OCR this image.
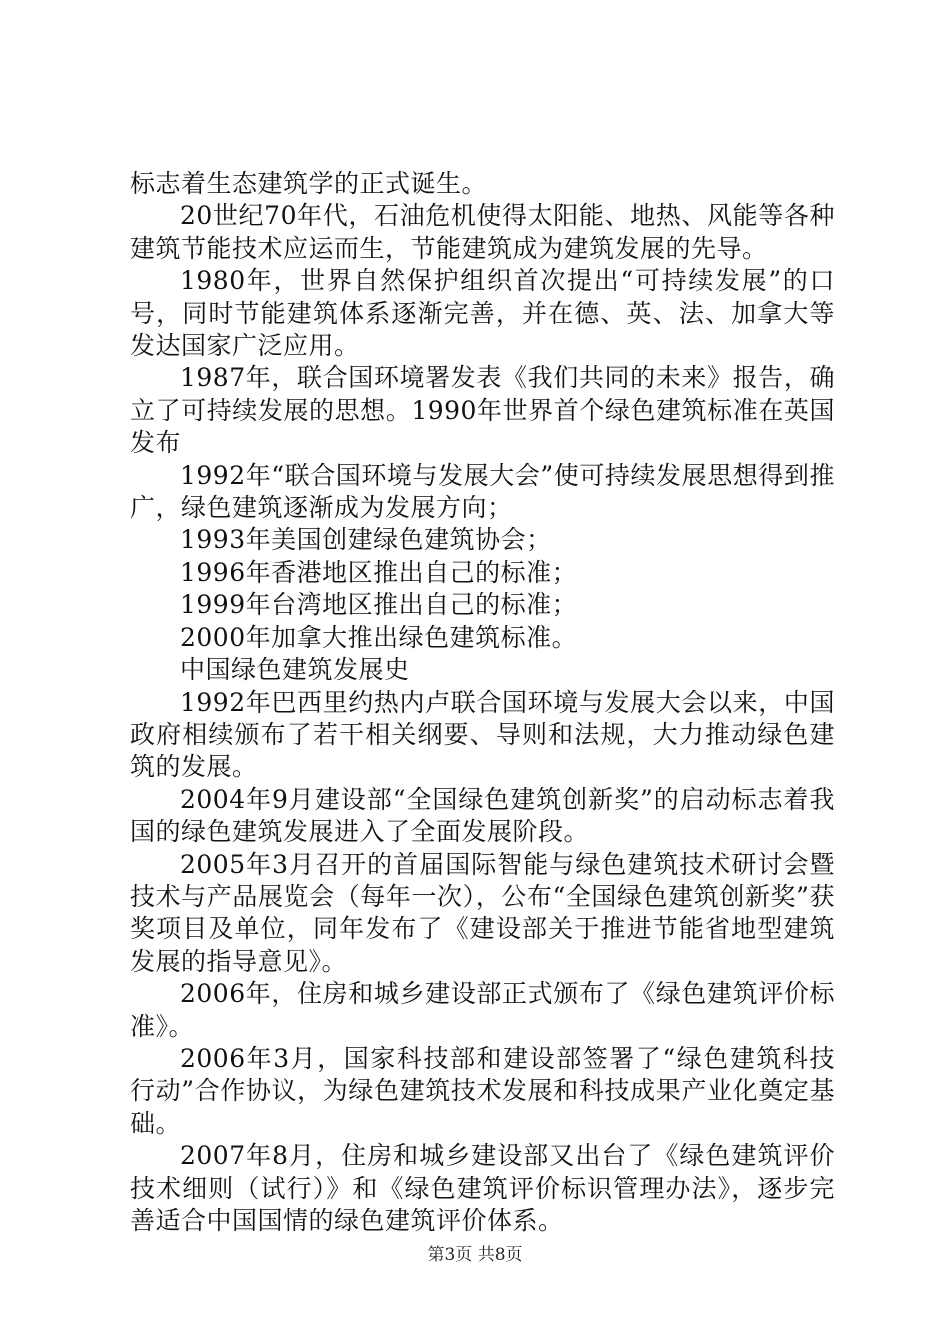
标志着生态建筑学的正式诞生。

20世纪70年代，石油危机使得太阳能、地热、风能等各种建筑节能技术应运而生，节能建筑成为建筑发展的先导。

1980年，世界自然保护组织首次提出“可持续发展”的口号，同时节能建筑体系逐渐完善，并在德、英、法、加拿大等发达国家广泛应用。

1987年，联合国环境署发表《我们共同的未来》报告，确立了可持续发展的思想。1990年世界首个绿色建筑标准在英国发布

1992年“联合国环境与发展大会”使可持续发展思想得到推广，绿色建筑逐渐成为发展方向；

1993年美国创建绿色建筑协会；

1996年香港地区推出自己的标准；

1999年台湾地区推出自己的标准；

2000年加拿大推出绿色建筑标准。

中国绿色建筑发展史

1992年巴西里约热内卢联合国环境与发展大会以来，中国政府相续颁布了若干相关纲要、导则和法规，大力推动绿色建筑的发展。

2004年9月建设部“全国绿色建筑创新奖”的启动标志着我国的绿色建筑发展进入了全面发展阶段。

2005年3月召开的首届国际智能与绿色建筑技术研讨会暨技术与产品展览会（每年一次），公布“全国绿色建筑创新奖”获奖项目及单位，同年发布了《建设部关于推进节能省地型建筑发展的指导意见》。

2006年，住房和城乡建设部正式颁布了《绿色建筑评价标准》。

2006年3月，国家科技部和建设部签署了“绿色建筑科技行动”合作协议，为绿色建筑技术发展和科技成果产业化奠定基础。

2007年8月，住房和城乡建设部又出台了《绿色建筑评价技术细则（试行）》和《绿色建筑评价标识管理办法》，逐步完善适合中国国情的绿色建筑评价体系。

第3页 共8页
